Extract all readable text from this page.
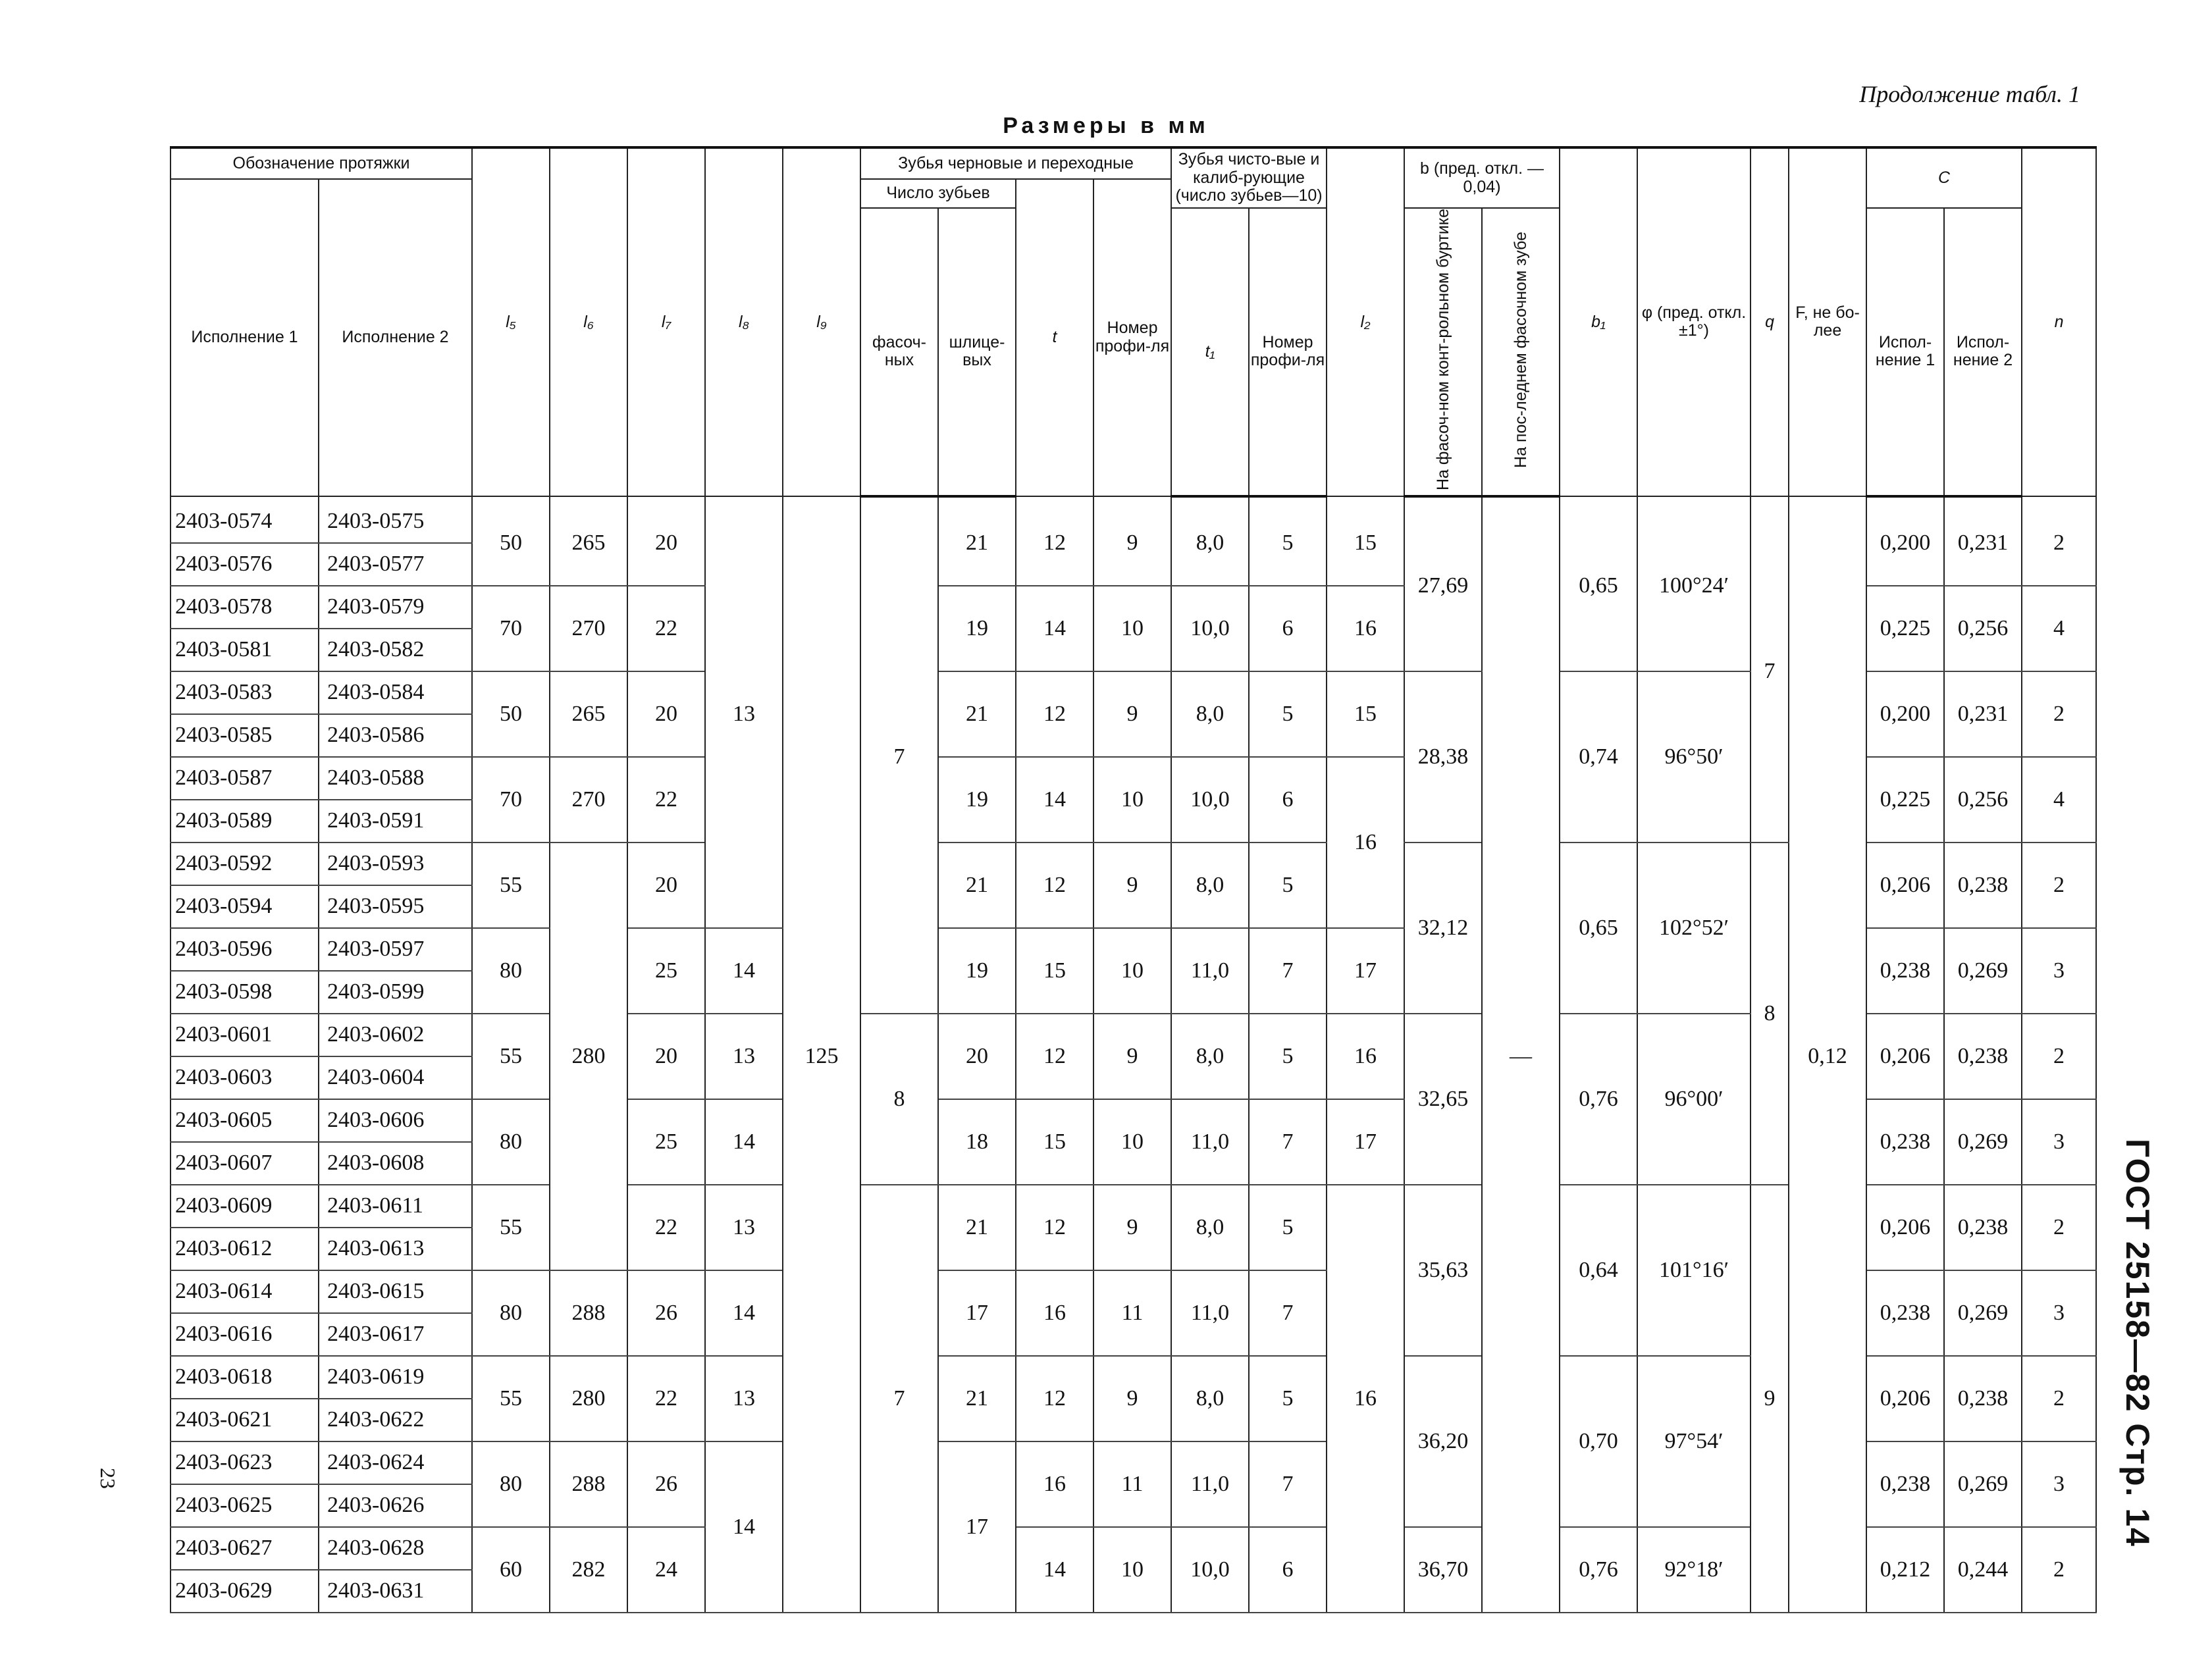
Продолжение табл. 1
Размеры в мм
Обозначение протяжки		l₅	l₆	l₇	l₈	l₉	Зубья черновые и переходные				Зубья чисто-вые и калиб-рующие (число зубьев—10)		l₂	b (пред. откл. —0,04)		b₁	φ (пред. откл. ±1°)	q	F, не бо-лее	C		n
Исполнение 1	Исполнение 2						Число зубьев		t	Номер профи-ля												
							фасоч-ных	шлице-вых			t₁	Номер профи-ля		На фасоч-ном конт-рольном буртике	На пос-леднем фасочном зубе					Испол-нение 1	Испол-нение 2	
2403-0574	2403-0575	50	265	20	13	125	7	21	12	9	8,0	5	15	27,69	—	0,65	100°24′	7	0,12	0,200	0,231	2
2403-0576	2403-0577																					
2403-0578	2403-0579	70	270	22				19	14	10	10,0	6	16							0,225	0,256	4
2403-0581	2403-0582																					
2403-0583	2403-0584	50	265	20				21	12	9	8,0	5	15	28,38		0,74	96°50′			0,200	0,231	2
2403-0585	2403-0586																					
2403-0587	2403-0588	70	270	22				19	14	10	10,0	6	16							0,225	0,256	4
2403-0589	2403-0591																					
2403-0592	2403-0593	55	280	20				21	12	9	8,0	5		32,12		0,65	102°52′	8		0,206	0,238	2
2403-0594	2403-0595																					
2403-0596	2403-0597	80		25	14			19	15	10	11,0	7	17							0,238	0,269	3
2403-0598	2403-0599																					
2403-0601	2403-0602	55		20	13		8	20	12	9	8,0	5	16	32,65		0,76	96°00′			0,206	0,238	2
2403-0603	2403-0604																					
2403-0605	2403-0606	80		25	14			18	15	10	11,0	7	17							0,238	0,269	3
2403-0607	2403-0608																					
2403-0609	2403-0611	55		22	13		7	21	12	9	8,0	5	16	35,63		0,64	101°16′	9		0,206	0,238	2
2403-0612	2403-0613																					
2403-0614	2403-0615	80	288	26	14			17	16	11	11,0	7								0,238	0,269	3
2403-0616	2403-0617																					
2403-0618	2403-0619	55	280	22	13			21	12	9	8,0	5		36,20		0,70	97°54′			0,206	0,238	2
2403-0621	2403-0622																					
2403-0623	2403-0624	80	288	26	14			17	16	11	11,0	7								0,238	0,269	3
2403-0625	2403-0626																					
2403-0627	2403-0628	60	282	24					14	10	10,0	6		36,70		0,76	92°18′			0,212	0,244	2
2403-0629	2403-0631																					
ГОСТ 25158—82 Стр. 14
23
